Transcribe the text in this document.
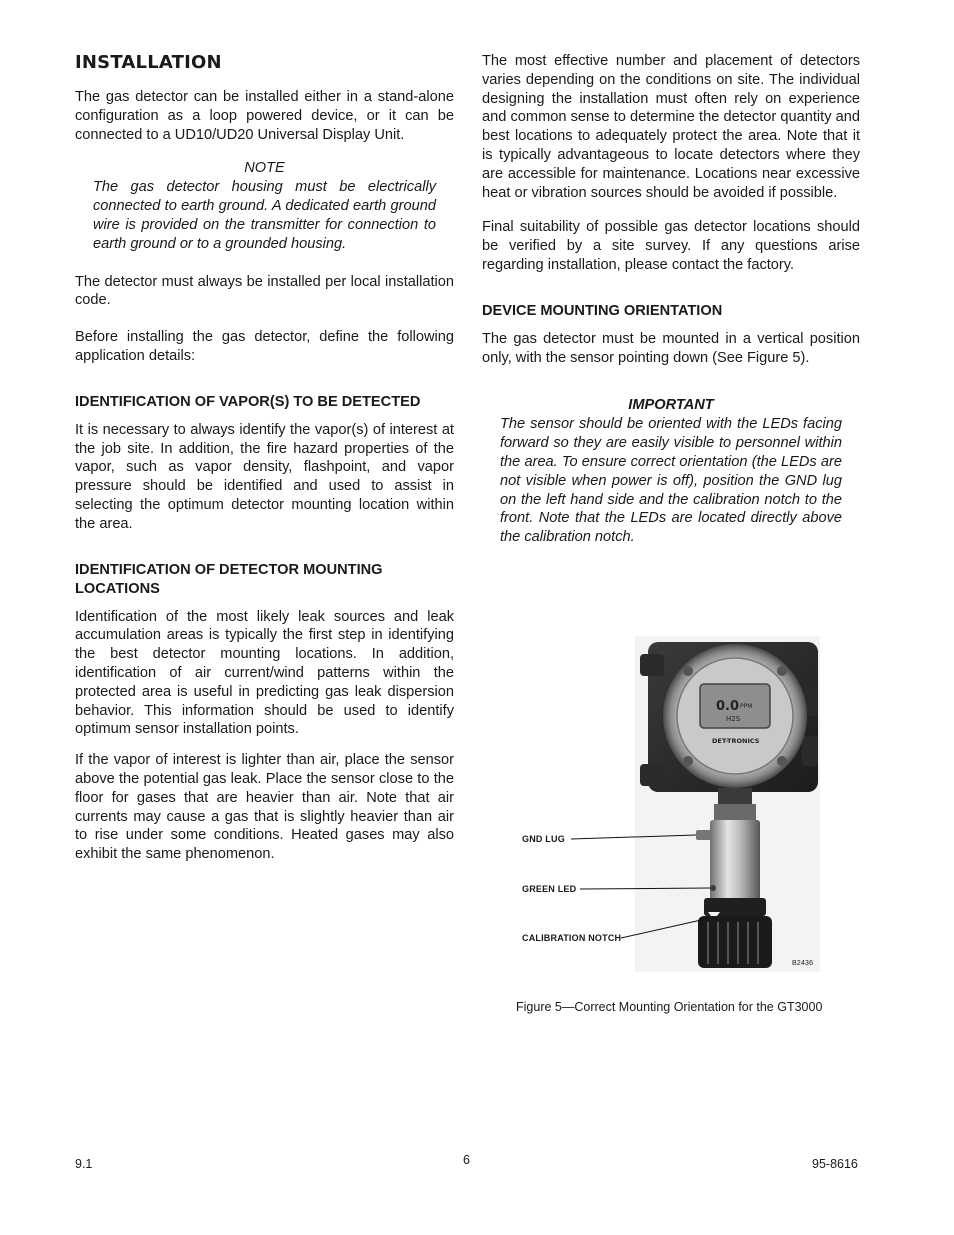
INSTALLATION

The gas detector can be installed either in a stand-alone configuration as a loop powered device, or it can be connected to a UD10/UD20 Universal Display Unit.

NOTE

The gas detector housing must be electrically connected to earth ground. A dedicated earth ground wire is provided on the transmitter for connection to earth ground or to a grounded housing.

The detector must always be installed per local installation code.

Before installing the gas detector, define the following application details:

IDENTIFICATION OF VAPOR(S) TO BE DETECTED

It is necessary to always identify the vapor(s) of interest at the job site. In addition, the fire hazard properties of the vapor, such as vapor density, flashpoint, and vapor pressure should be identified and used to assist in selecting the optimum detector mounting location within the area.

IDENTIFICATION OF DETECTOR MOUNTING LOCATIONS

Identification of the most likely leak sources and leak accumulation areas is typically the first step in identifying the best detector mounting locations. In addition, identification of air current/wind patterns within the protected area is useful in predicting gas leak dispersion behavior. This information should be used to identify optimum sensor installation points.

If the vapor of interest is lighter than air, place the sensor above the potential gas leak. Place the sensor close to the floor for gases that are heavier than air. Note that air currents may cause a gas that is slightly heavier than air to rise under some conditions. Heated gases may also exhibit the same phenomenon.

The most effective number and placement of detectors varies depending on the conditions on site. The individual designing the installation must often rely on experience and common sense to determine the detector quantity and best locations to adequately protect the area. Note that it is typically advantageous to locate detectors where they are accessible for maintenance. Locations near excessive heat or vibration sources should be avoided if possible.

Final suitability of possible gas detector locations should be verified by a site survey. If any questions arise regarding installation, please contact the factory.

DEVICE MOUNTING ORIENTATION

The gas detector must be mounted in a vertical position only, with the sensor pointing down (See Figure 5).

IMPORTANT

The sensor should be oriented with the LEDs facing forward so they are easily visible to personnel within the area. To ensure correct orientation (the LEDs are not visible when power is off), position the GND lug on the left hand side and the calibration notch to the front. Note that the LEDs are located directly above the calibration notch.

0.0 PPM
H2S
DET-TRONICS
GND LUG
GREEN LED
CALIBRATION NOTCH
B2436
Figure 5—Correct Mounting Orientation for the GT3000
9.1	6	95-8616
